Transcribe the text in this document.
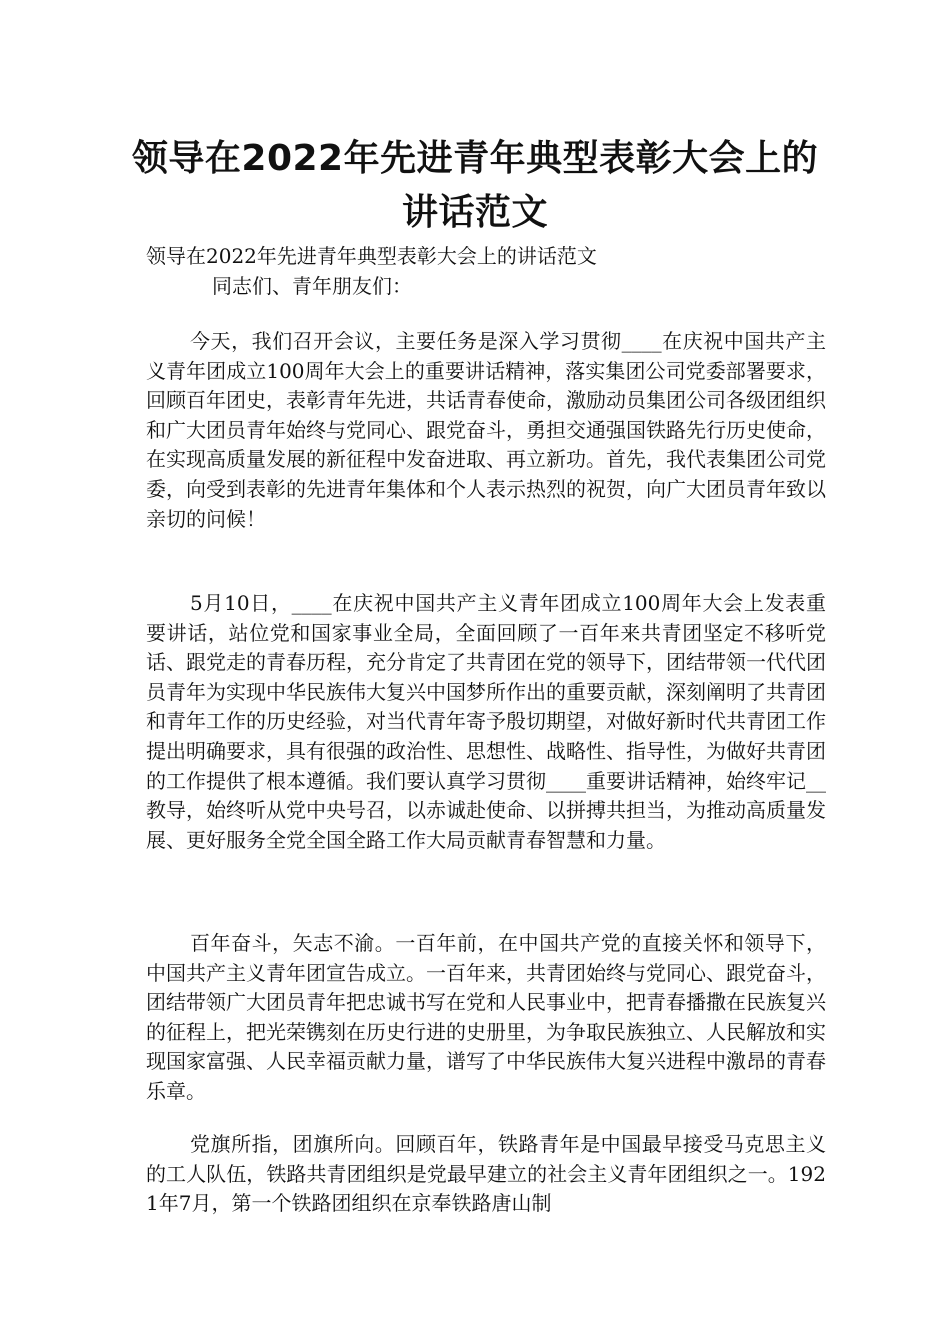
领导在2022年先进青年典型表彰大会上的
讲话范文
领导在2022年先进青年典型表彰大会上的讲话范文
同志们、青年朋友们：

今天，我们召开会议，主要任务是深入学习贯彻____在庆祝中国共产主义青年团成立100周年大会上的重要讲话精神，落实集团公司党委部署要求，回顾百年团史，表彰青年先进，共话青春使命，激励动员集团公司各级团组织和广大团员青年始终与党同心、跟党奋斗，勇担交通强国铁路先行历史使命，在实现高质量发展的新征程中发奋进取、再立新功。首先，我代表集团公司党委，向受到表彰的先进青年集体和个人表示热烈的祝贺，向广大团员青年致以亲切的问候！

5月10日，____在庆祝中国共产主义青年团成立100周年大会上发表重要讲话，站位党和国家事业全局，全面回顾了一百年来共青团坚定不移听党话、跟党走的青春历程，充分肯定了共青团在党的领导下，团结带领一代代团员青年为实现中华民族伟大复兴中国梦所作出的重要贡献，深刻阐明了共青团和青年工作的历史经验，对当代青年寄予殷切期望，对做好新时代共青团工作提出明确要求，具有很强的政治性、思想性、战略性、指导性，为做好共青团的工作提供了根本遵循。我们要认真学习贯彻____重要讲话精神，始终牢记__教导，始终听从党中央号召，以赤诚赴使命、以拼搏共担当，为推动高质量发展、更好服务全党全国全路工作大局贡献青春智慧和力量。

百年奋斗，矢志不渝。一百年前，在中国共产党的直接关怀和领导下，中国共产主义青年团宣告成立。一百年来，共青团始终与党同心、跟党奋斗，团结带领广大团员青年把忠诚书写在党和人民事业中，把青春播撒在民族复兴的征程上，把光荣镌刻在历史行进的史册里，为争取民族独立、人民解放和实现国家富强、人民幸福贡献力量，谱写了中华民族伟大复兴进程中激昂的青春乐章。

党旗所指，团旗所向。回顾百年，铁路青年是中国最早接受马克思主义的工人队伍，铁路共青团组织是党最早建立的社会主义青年团组织之一。1921年7月，第一个铁路团组织在京奉铁路唐山制
